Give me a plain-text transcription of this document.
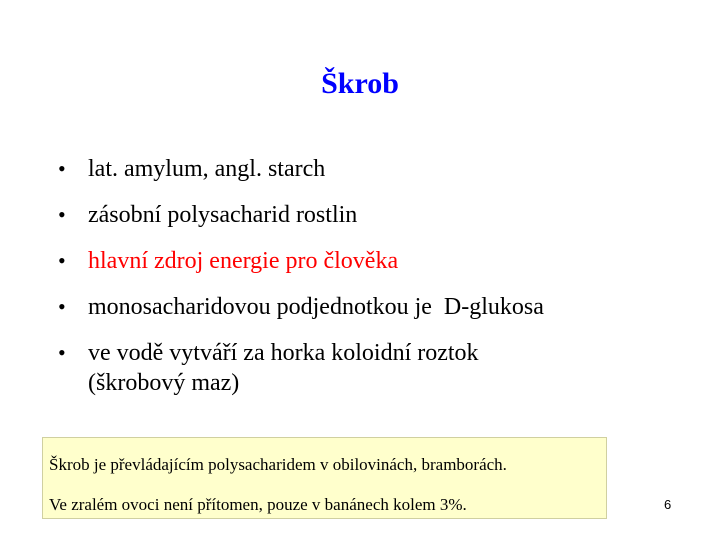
Škrob
• lat. amylum, angl. starch
• zásobní polysacharid rostlin
• hlavní zdroj energie pro člověka
• monosacharidovou podjednotkou je  D-glukosa
• ve vodě vytváří za horka koloidní roztok
(škrobový maz)
Škrob je převládajícím polysacharidem v obilovinách, bramborách.
Ve zralém ovoci není přítomen, pouze v banánech kolem 3%.	6
